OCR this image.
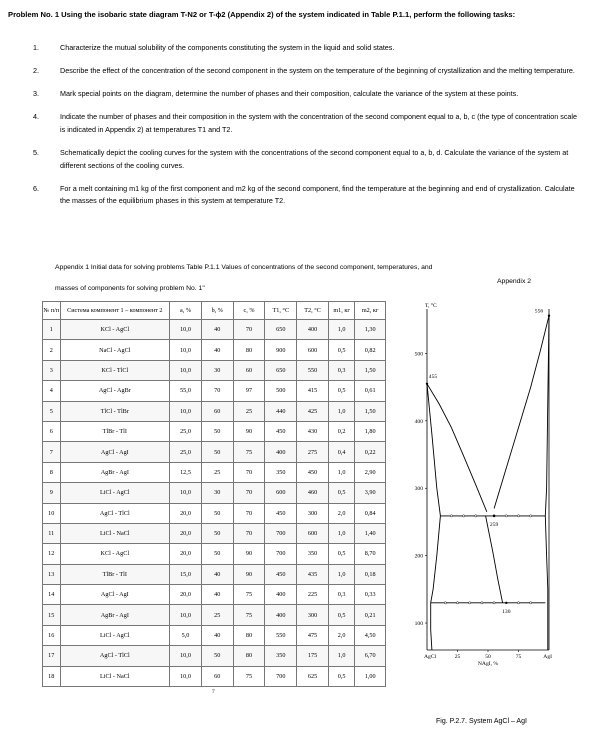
Problem No. 1 Using the isobaric state diagram T-N2 or T-ϕ2 (Appendix 2) of the system indicated in Table P.1.1, perform the following tasks:
1.	Characterize the mutual solubility of the components constituting the system in the liquid and solid states.
2.	Describe the effect of the concentration of the second component in the system on the temperature of the beginning of crystallization and the melting temperature.
3.	Mark special points on the diagram, determine the number of phases and their composition, calculate the variance of the system at these points.
4.	Indicate the number of phases and their composition in the system with the concentration of the second component equal to a, b, c (the type of concentration scale is indicated in Appendix 2) at temperatures T1 and T2.
5.	Schematically depict the cooling curves for the system with the concentrations of the second component equal to a, b, d. Calculate the variance of the system at different sections of the cooling curves.
6.	For a melt containing m1 kg of the first component and m2 kg of the second component, find the temperature at the beginning and end of crystallization. Calculate the masses of the equilibrium phases in this system at temperature T2.
Appendix 1 Initial data for solving problems Table P.1.1 Values of concentrations of the second component, temperatures, and masses of components for solving problem No. 1"
Appendix 2
№ п/п	Система компонент 1 – компонент 2	a, %	b, %	c, %	T1, °C	T2, °C	m1, кг	m2, кг
1	KCl - AgCl	10,0	40	70	650	400	1,0	1,30
2	NaCl - AgCl	10,0	40	80	900	600	0,5	0,82
3	KCl - TlCl	10,0	30	60	650	550	0,3	1,50
4	AgCl - AgBr	55,0	70	97	500	415	0,5	0,61
5	TlCl - TlBr	10,0	60	25	440	425	1,0	1,50
6	TlBr - TlI	25,0	50	90	450	430	0,2	1,80
7	AgCl - AgI	25,0	50	75	400	275	0,4	0,22
8	AgBr - AgI	12,5	25	70	350	450	1,0	2,90
9	LiCl - AgCl	10,0	30	70	600	460	0,5	3,90
10	AgCl - TlCl	20,0	50	70	450	300	2,0	0,84
11	LiCl - NaCl	20,0	50	70	700	600	1,0	1,40
12	KCl - AgCl	20,0	50	90	700	350	0,5	8,70
13	TlBr - TlI	15,0	40	90	450	435	1,0	0,18
14	AgCl - AgI	20,0	40	75	400	225	0,3	0,33
15	AgBr - AgI	10,0	25	75	400	300	0,5	0,21
16	LiCl - AgCl	5,0	40	80	550	475	2,0	4,50
17	AgCl - TlCl	10,0	50	80	350	175	1,0	6,70
18	LiCl - NaCl	10,0	60	75	700	625	0,5	1,00
7
100
200
300
400
500
25	50	75
T, °C
NAgI, %
AgCl	AgI
455
556
259
130
Fig. P.2.7. System AgCl – AgI
